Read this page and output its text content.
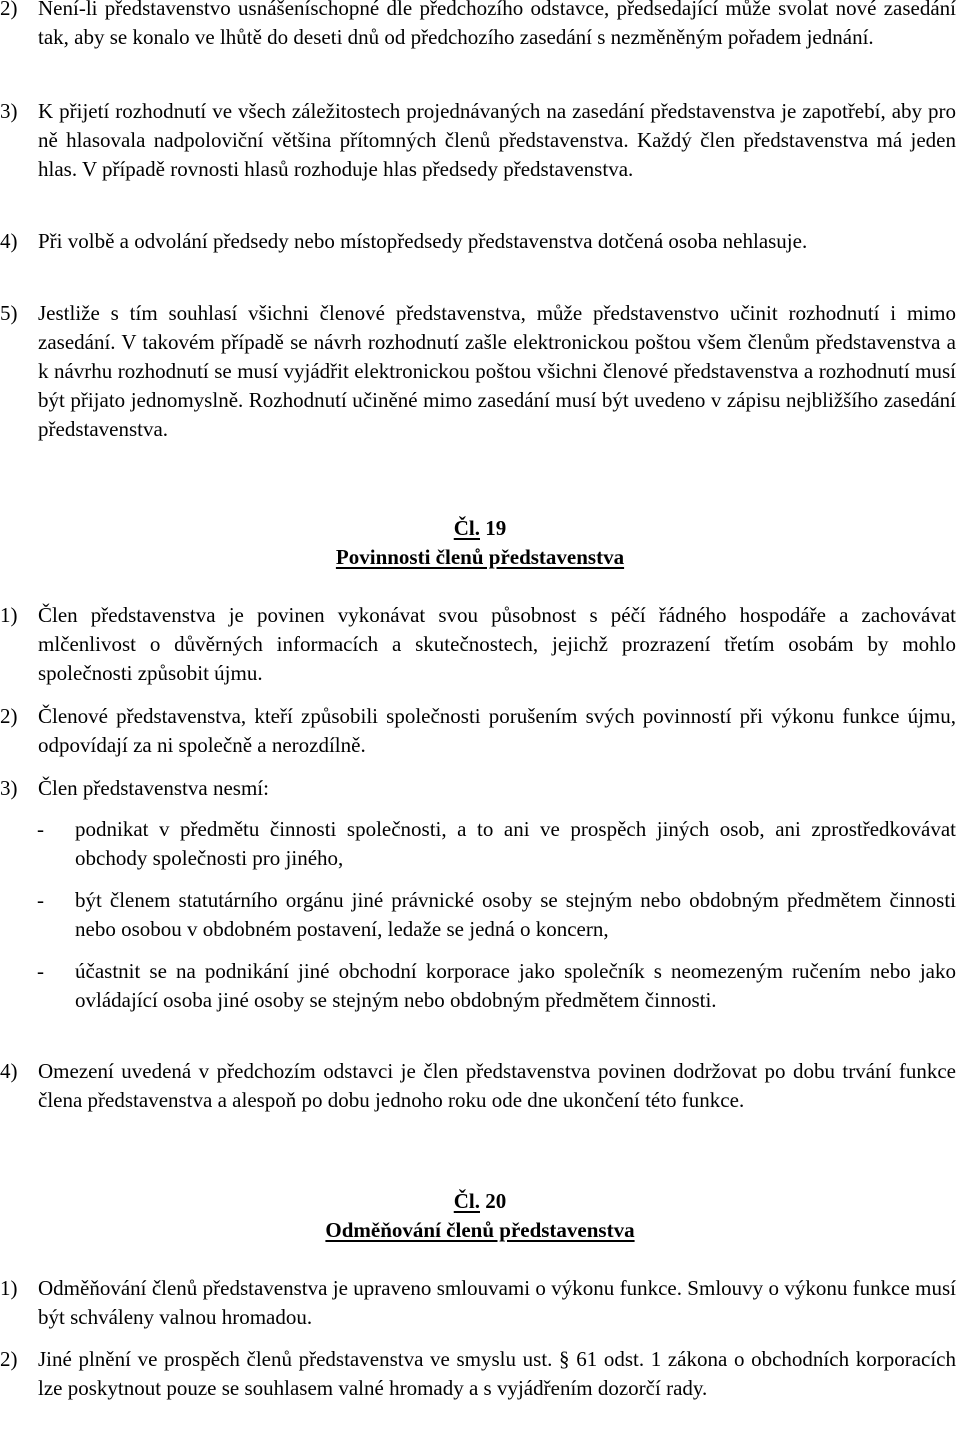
2) Není-li představenstvo usnášeníschopné dle předchozího odstavce, předsedající může svolat nové zasedání tak, aby se konalo ve lhůtě do deseti dnů od předchozího zasedání s nezměněným pořadem jednání.
3) K přijetí rozhodnutí ve všech záležitostech projednávaných na zasedání představenstva je zapotřebí, aby pro ně hlasovala nadpoloviční většina přítomných členů představenstva. Každý člen představenstva má jeden hlas. V případě rovnosti hlasů rozhoduje hlas předsedy představenstva.
4) Při volbě a odvolání předsedy nebo místopředsedy představenstva dotčená osoba nehlasuje.
5) Jestliže s tím souhlasí všichni členové představenstva, může představenstvo učinit rozhodnutí i mimo zasedání. V takovém případě se návrh rozhodnutí zašle elektronickou poštou všem členům představenstva a k návrhu rozhodnutí se musí vyjádřit elektronickou poštou všichni členové představenstva a rozhodnutí musí být přijato jednomyslně. Rozhodnutí učiněné mimo zasedání musí být uvedeno v zápisu nejbližšího zasedání představenstva.
Čl. 19
Povinnosti členů představenstva
1) Člen představenstva je povinen vykonávat svou působnost s péčí řádného hospodáře a zachovávat mlčenlivost o důvěrných informacích a skutečnostech, jejichž prozrazení třetím osobám by mohlo společnosti způsobit újmu.
2) Členové představenstva, kteří způsobili společnosti porušením svých povinností při výkonu funkce újmu, odpovídají za ni společně a nerozdílně.
3) Člen představenstva nesmí:
-	podnikat v předmětu činnosti společnosti, a to ani ve prospěch jiných osob, ani zprostředkovávat obchody společnosti pro jiného,
-	být členem statutárního orgánu jiné právnické osoby se stejným nebo obdobným předmětem činnosti nebo osobou v obdobném postavení, ledaže se jedná o koncern,
-	účastnit se na podnikání jiné obchodní korporace jako společník s neomezeným ručením nebo jako ovládající osoba jiné osoby se stejným nebo obdobným předmětem činnosti.
4) Omezení uvedená v předchozím odstavci je člen představenstva povinen dodržovat po dobu trvání funkce člena představenstva a alespoň po dobu jednoho roku ode dne ukončení této funkce.
Čl. 20
Odměňování členů představenstva
1) Odměňování členů představenstva je upraveno smlouvami o výkonu funkce. Smlouvy o výkonu funkce musí být schváleny valnou hromadou.
2) Jiné plnění ve prospěch členů představenstva ve smyslu ust. § 61 odst. 1 zákona o obchodních korporacích lze poskytnout pouze se souhlasem valné hromady a s vyjádřením dozorčí rady.
